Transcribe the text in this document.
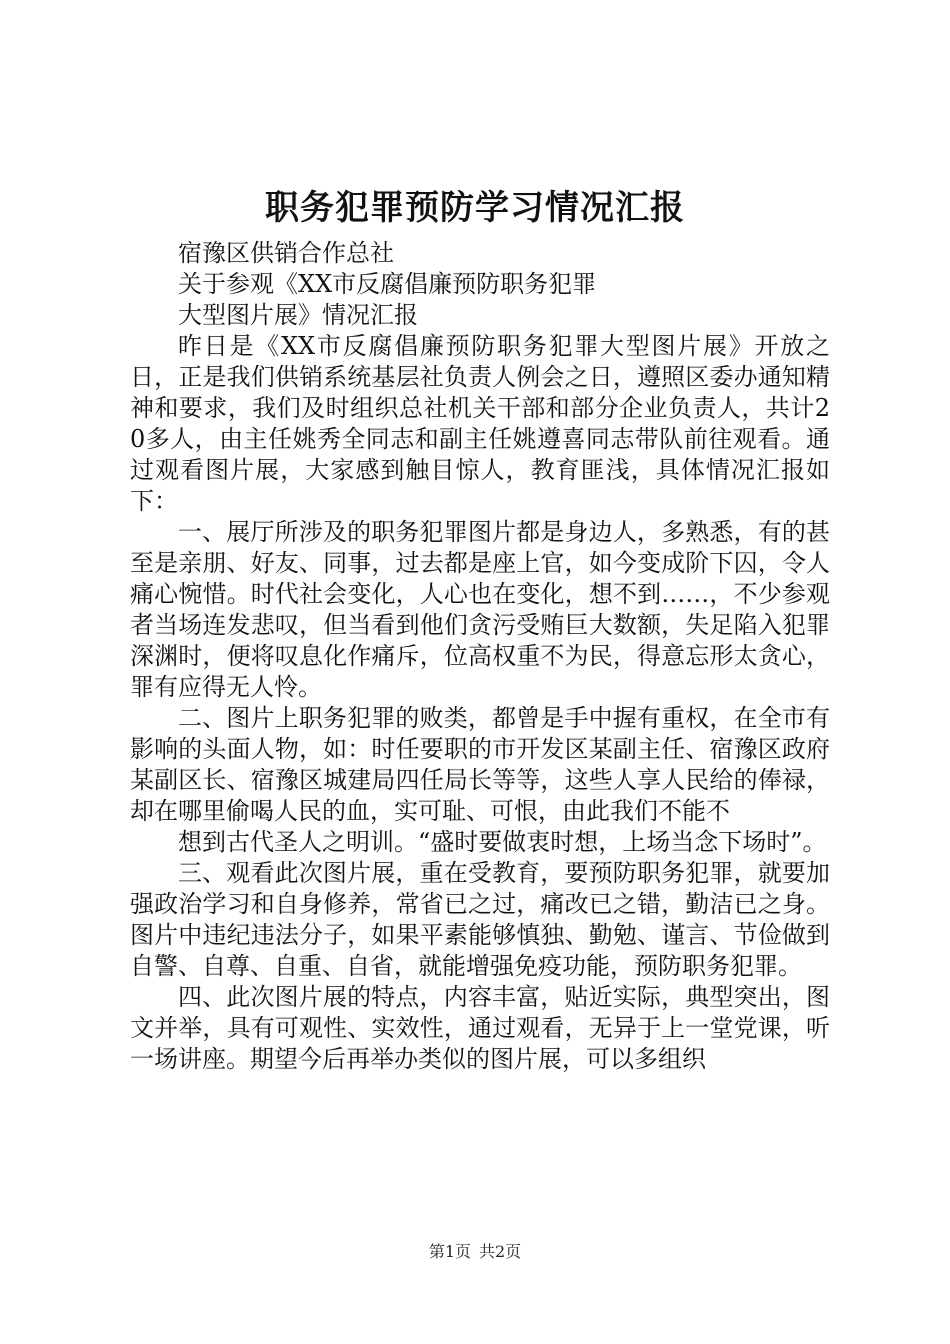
职务犯罪预防学习情况汇报

宿豫区供销合作总社

关于参观《XX市反腐倡廉预防职务犯罪

大型图片展》情况汇报

昨日是《XX市反腐倡廉预防职务犯罪大型图片展》开放之日，正是我们供销系统基层社负责人例会之日，遵照区委办通知精神和要求，我们及时组织总社机关干部和部分企业负责人，共计20多人，由主任姚秀全同志和副主任姚遵喜同志带队前往观看。通过观看图片展，大家感到触目惊人，教育匪浅，具体情况汇报如下：

一、展厅所涉及的职务犯罪图片都是身边人，多熟悉，有的甚至是亲朋、好友、同事，过去都是座上官，如今变成阶下囚，令人痛心惋惜。时代社会变化，人心也在变化，想不到……，不少参观者当场连发悲叹，但当看到他们贪污受贿巨大数额，失足陷入犯罪深渊时，便将叹息化作痛斥，位高权重不为民，得意忘形太贪心，罪有应得无人怜。

二、图片上职务犯罪的败类，都曾是手中握有重权，在全市有影响的头面人物，如：时任要职的市开发区某副主任、宿豫区政府某副区长、宿豫区城建局四任局长等等，这些人享人民给的俸禄，却在哪里偷喝人民的血，实可耻、可恨，由此我们不能不

想到古代圣人之明训。“盛时要做衷时想，上场当念下场时”。

三、观看此次图片展，重在受教育，要预防职务犯罪，就要加强政治学习和自身修养，常省已之过，痛改已之错，勤洁已之身。图片中违纪违法分子，如果平素能够慎独、勤勉、谨言、节俭做到自警、自尊、自重、自省，就能增强免疫功能，预防职务犯罪。

四、此次图片展的特点，内容丰富，贴近实际，典型突出，图文并举，具有可观性、实效性，通过观看，无异于上一堂党课，听一场讲座。期望今后再举办类似的图片展，可以多组织

第1页 共2页
